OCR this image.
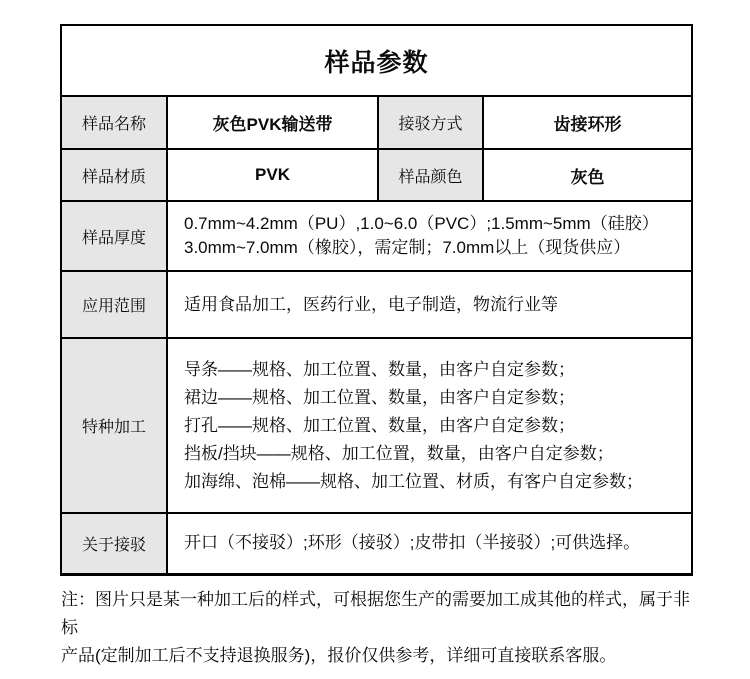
样品参数			
样品名称	灰色PVK输送带	接驳方式	齿接环形
样品材质	PVK	样品颜色	灰色
样品厚度	0.7mm~4.2mm（PU）,1.0~6.0（PVC）;1.5mm~5mm（硅胶）
3.0mm~7.0mm（橡胶），需定制；7.0mm以上（现货供应）		

应用范围	适用食品加工，医药行业，电子制造，物流行业等		

特种加工	导条——规格、加工位置、数量，由客户自定参数；
裙边——规格、加工位置、数量，由客户自定参数；
打孔——规格、加工位置、数量，由客户自定参数；
挡板/挡块——规格、加工位置，数量，由客户自定参数；
加海绵、泡棉——规格、加工位置、材质，有客户自定参数；		

关于接驳	开口（不接驳）;环形（接驳）;皮带扣（半接驳）;可供选择。		
注：图片只是某一种加工后的样式，可根据您生产的需要加工成其他的样式，属于非标
产品(定制加工后不支持退换服务)，报价仅供参考，详细可直接联系客服。
